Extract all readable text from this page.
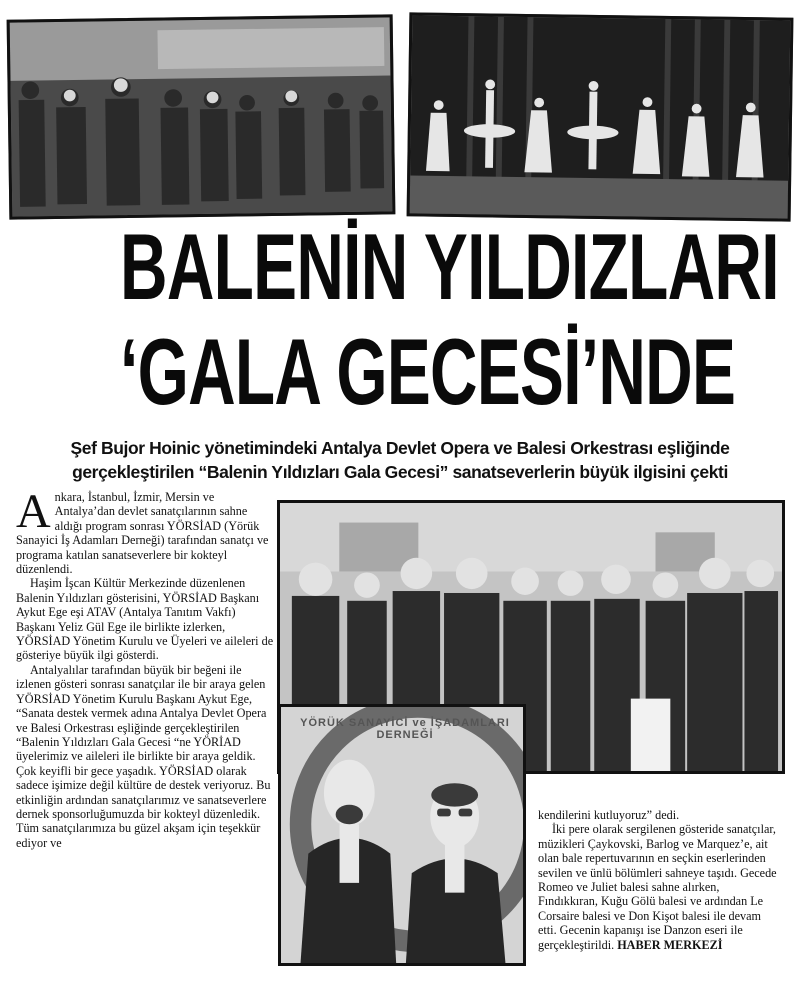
BALENİN YILDIZLARI
‘GALA GECESİ’NDE
Şef Bujor Hoinic yönetimindeki Antalya Devlet Opera ve Balesi Orkestrası eşliğinde
gerçekleştirilen “Balenin Yıldızları Gala Gecesi” sanatseverlerin büyük ilgisini çekti

Ankara, İstanbul, İzmir, Mersin ve Antalya’dan devlet sanatçılarının sahne aldığı program sonrası YÖRSİAD (Yörük Sanayici İş Adamları Derneği) tarafından sanatçı ve programa katılan sanatseverlere bir kokteyl düzenlendi.

Haşim İşcan Kültür Merkezinde düzenlenen Balenin Yıldızları gösterisini, YÖRSİAD Başkanı Aykut Ege eşi ATAV (Antalya Tanıtım Vakfı) Başkanı Yeliz Gül Ege ile birlikte izlerken, YÖRSİAD Yönetim Kurulu ve Üyeleri ve aileleri de gösteriye büyük ilgi gösterdi.

Antalyalılar tarafından büyük bir beğeni ile izlenen gösteri sonrası sanatçılar ile bir araya gelen YÖRSİAD Yönetim Kurulu Başkanı Aykut Ege, “Sanata destek vermek adına Antalya Devlet Opera ve Balesi Orkestrası eşliğinde gerçekleştirilen “Balenin Yıldızları Gala Gecesi “ne YÖRİAD üyelerimiz ve aileleri ile birlikte bir araya geldik. Çok keyifli bir gece yaşadık. YÖRSİAD olarak sadece işimize değil kültüre de destek veriyoruz. Bu etkinliğin ardından sanatçılarımız ve sanatseverlere dernek sponsorluğumuzda bir kokteyl düzenledik. Tüm sanatçılarımıza bu güzel akşam için teşekkür ediyor ve

YÖRÜK SANAYİCİ ve İŞADAMLARI DERNEĞİ

kendilerini kutluyoruz” dedi.

İki pere olarak sergilenen gösteride sanatçılar, müzikleri Çaykovski, Barlog ve Marquez’e, ait olan bale repertuvarının en seçkin eserlerinden sevilen ve ünlü bölümleri sahneye taşıdı. Gecede Romeo ve Juliet balesi sahne alırken, Fındıkkıran, Kuğu Gölü balesi ve ardından Le Corsaire balesi ve Don Kişot balesi ile devam etti. Gecenin kapanışı ise Danzon eseri ile gerçekleştirildi. HABER MERKEZİ
